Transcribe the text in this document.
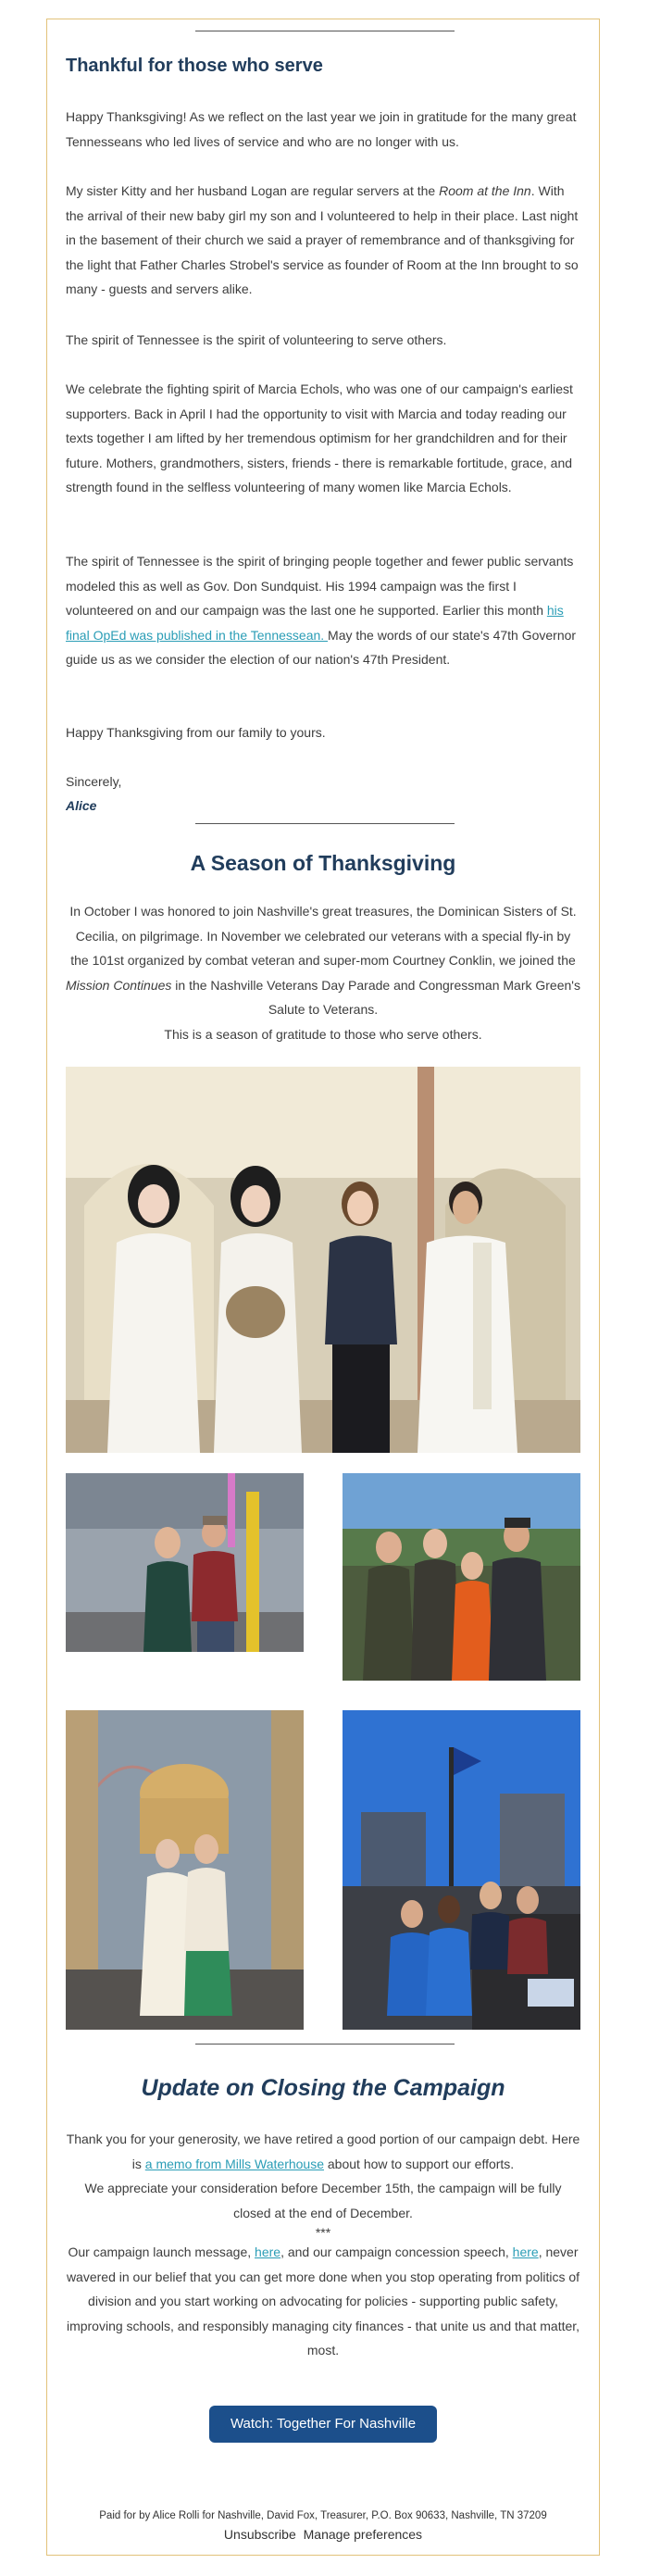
Thankful for those who serve

Happy Thanksgiving! As we reflect on the last year we join in gratitude for the many great Tennesseans who led lives of service and who are no longer with us.

My sister Kitty and her husband Logan are regular servers at the Room at the Inn. With the arrival of their new baby girl my son and I volunteered to help in their place. Last night in the basement of their church we said a prayer of remembrance and of thanksgiving for the light that Father Charles Strobel's service as founder of Room at the Inn brought to so many - guests and servers alike.

The spirit of Tennessee is the spirit of volunteering to serve others.

We celebrate the fighting spirit of Marcia Echols, who was one of our campaign's earliest supporters. Back in April I had the opportunity to visit with Marcia and today reading our texts together I am lifted by her tremendous optimism for her grandchildren and for their future. Mothers, grandmothers, sisters, friends - there is remarkable fortitude, grace, and strength found in the selfless volunteering of many women like Marcia Echols.

The spirit of Tennessee is the spirit of bringing people together and fewer public servants modeled this as well as Gov. Don Sundquist. His 1994 campaign was the first I volunteered on and our campaign was the last one he supported. Earlier this month his final OpEd was published in the Tennessean. May the words of our state's 47th Governor guide us as we consider the election of our nation's 47th President.

Happy Thanksgiving from our family to yours.

Sincerely,

Alice

A Season of Thanksgiving

In October I was honored to join Nashville's great treasures, the Dominican Sisters of St. Cecilia, on pilgrimage. In November we celebrated our veterans with a special fly-in by the 101st organized by combat veteran and super-mom Courtney Conklin, we joined the Mission Continues in the Nashville Veterans Day Parade and Congressman Mark Green's Salute to Veterans.

This is a season of gratitude to those who serve others.

Update on Closing the Campaign

Thank you for your generosity, we have retired a good portion of our campaign debt. Here is a memo from Mills Waterhouse about how to support our efforts.

We appreciate your consideration before December 15th, the campaign will be fully closed at the end of December.

***

Our campaign launch message, here, and our campaign concession speech, here, never wavered in our belief that you can get more done when you stop operating from politics of division and you start working on advocating for policies - supporting public safety, improving schools, and responsibly managing city finances - that unite us and that matter, most.

Watch: Together For Nashville
Paid for by Alice Rolli for Nashville, David Fox, Treasurer, P.O. Box 90633, Nashville, TN 37209
Unsubscribe Manage preferences
